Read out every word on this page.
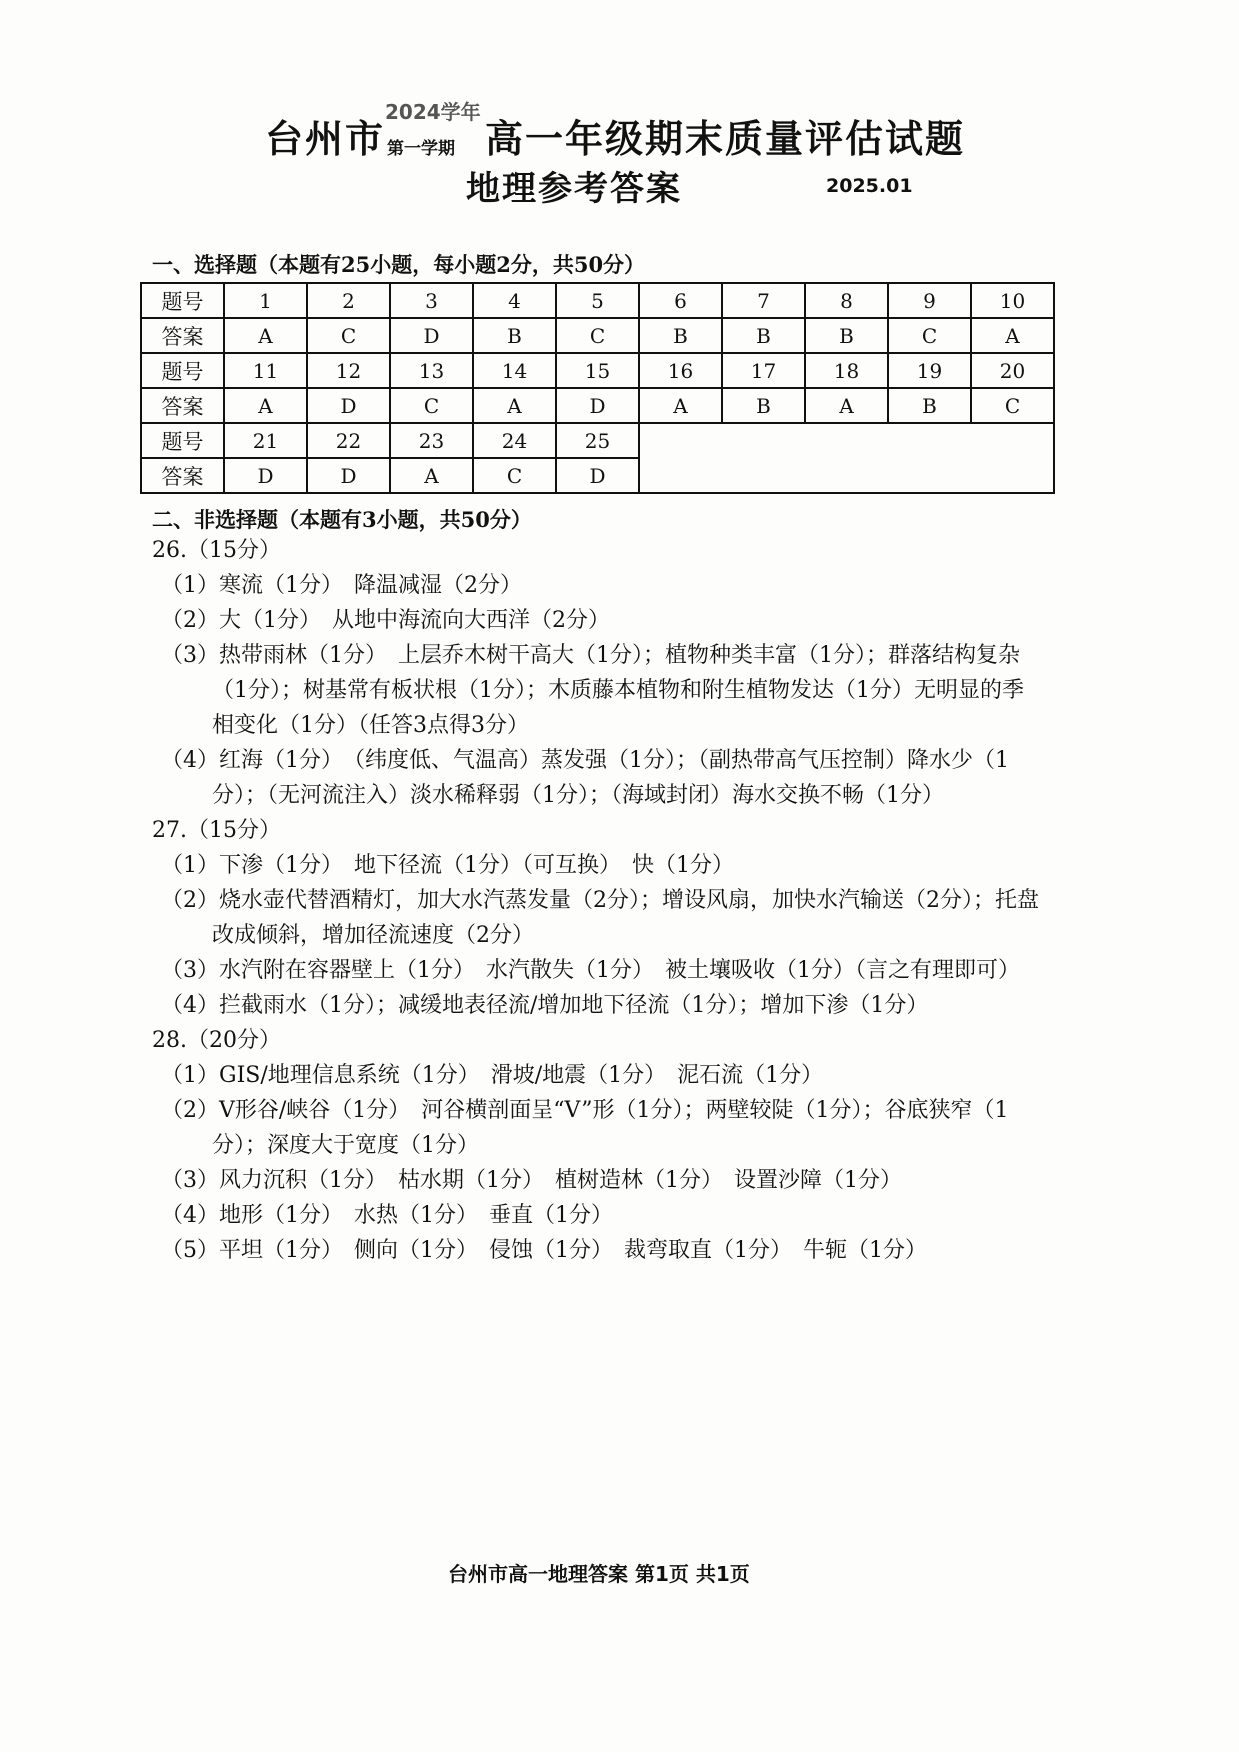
台州市
2024学年
第一学期 高一年级期末质量评估试题
地理参考答案	2025.01
一、选择题（本题有25小题，每小题2分，共50分）
题号	1	2	3	4	5	6	7	8	9	10
答案	A	C	D	B	C	B	B	B	C	A
题号	11	12	13	14	15	16	17	18	19	20
答案	A	D	C	A	D	A	B	A	B	C
题号	21	22	23	24	25					
答案	D	D	A	C	D					
二、非选择题（本题有3小题，共50分）
26.（15分）
（1）寒流（1分）　降温减湿（2分）
（2）大（1分）　从地中海流向大西洋（2分）
（3）热带雨林（1分）　上层乔木树干高大（1分）；植物种类丰富（1分）；群落结构复杂
（1分）；树基常有板状根（1分）；木质藤本植物和附生植物发达（1分）无明显的季
相变化（1分）（任答3点得3分）
（4）红海（1分）　（纬度低、气温高）蒸发强（1分）；（副热带高气压控制）降水少（1
分）；（无河流注入）淡水稀释弱（1分）；（海域封闭）海水交换不畅（1分）
27.（15分）
（1）下渗（1分）　地下径流（1分）（可互换）　快（1分）
（2）烧水壶代替酒精灯，加大水汽蒸发量（2分）；增设风扇，加快水汽输送（2分）；托盘
改成倾斜，增加径流速度（2分）
（3）水汽附在容器壁上（1分）　水汽散失（1分）　被土壤吸收（1分）（言之有理即可）
（4）拦截雨水（1分）；减缓地表径流/增加地下径流（1分）；增加下渗（1分）
28.（20分）
（1）GIS/地理信息系统（1分）　滑坡/地震（1分）　泥石流（1分）
（2）V形谷/峡谷（1分）　河谷横剖面呈“V”形（1分）；两壁较陡（1分）；谷底狭窄（1
分）；深度大于宽度（1分）
（3）风力沉积（1分）　枯水期（1分）　植树造林（1分）　设置沙障（1分）
（4）地形（1分）　水热（1分）　垂直（1分）
（5）平坦（1分）　侧向（1分）　侵蚀（1分）　裁弯取直（1分）　牛轭（1分）
台州市高一地理答案 第1页 共1页
